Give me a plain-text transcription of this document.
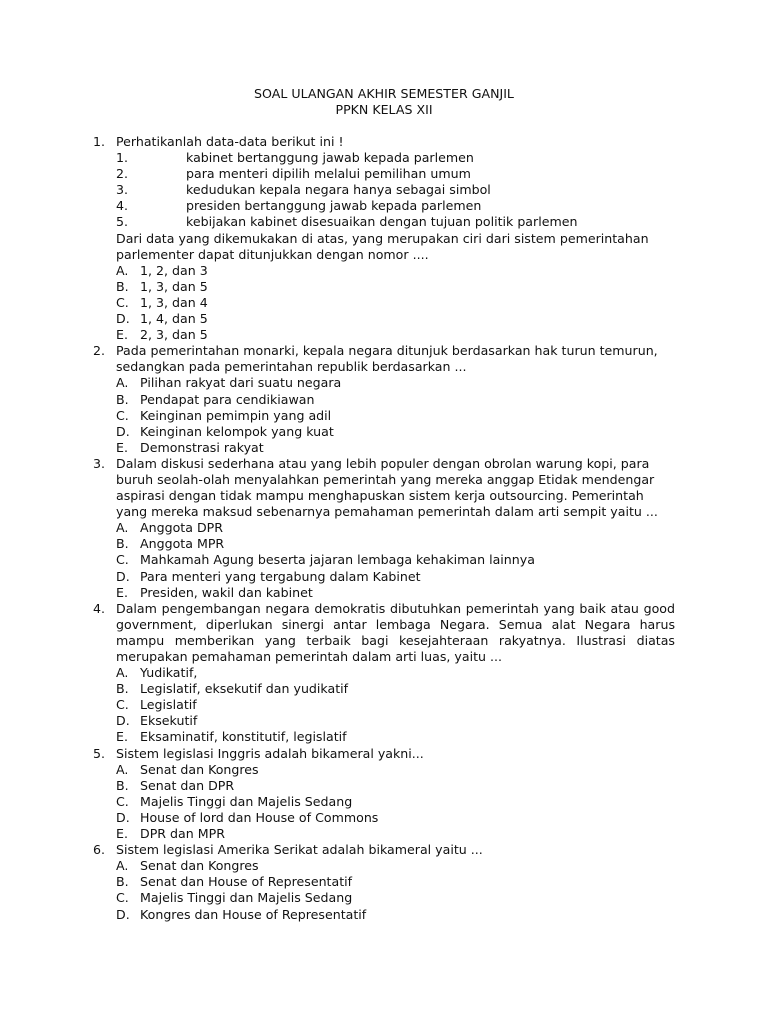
SOAL ULANGAN AKHIR SEMESTER GANJIL
PPKN KELAS XII
1. Perhatikanlah data-data berikut ini !
1.	kabinet bertanggung jawab kepada parlemen
2.	para menteri dipilih melalui pemilihan umum
3.	kedudukan kepala negara hanya sebagai simbol
4.	presiden bertanggung jawab kepada parlemen
5.	kebijakan kabinet disesuaikan dengan tujuan politik parlemen
Dari data yang dikemukakan di atas, yang merupakan ciri dari sistem pemerintahan parlementer dapat ditunjukkan dengan nomor ....
A. 1, 2, dan 3
B. 1, 3, dan 5
C. 1, 3, dan 4
D. 1, 4, dan 5
E. 2, 3, dan 5
2. Pada pemerintahan monarki, kepala negara ditunjuk berdasarkan hak turun temurun, sedangkan pada pemerintahan republik berdasarkan ...
A. Pilihan rakyat dari suatu negara
B. Pendapat para cendikiawan
C. Keinginan pemimpin yang adil
D. Keinginan kelompok yang kuat
E. Demonstrasi rakyat
3. Dalam diskusi sederhana atau yang lebih populer dengan obrolan warung kopi, para buruh seolah-olah menyalahkan pemerintah yang mereka anggap Etidak mendengar aspirasi dengan tidak mampu menghapuskan sistem kerja outsourcing. Pemerintah yang mereka maksud sebenarnya pemahaman pemerintah dalam arti sempit yaitu ...
A. Anggota DPR
B. Anggota MPR
C. Mahkamah Agung beserta jajaran lembaga kehakiman lainnya
D. Para menteri yang tergabung dalam Kabinet
E. Presiden, wakil dan kabinet
4. Dalam pengembangan negara demokratis dibutuhkan pemerintah yang baik atau good government, diperlukan sinergi antar lembaga Negara. Semua alat Negara harus mampu memberikan yang terbaik bagi kesejahteraan rakyatnya. Ilustrasi diatas merupakan pemahaman pemerintah dalam arti luas, yaitu ...
A. Yudikatif,
B. Legislatif, eksekutif dan yudikatif
C. Legislatif
D. Eksekutif
E. Eksaminatif, konstitutif, legislatif
5. Sistem legislasi Inggris adalah bikameral yakni...
A. Senat dan Kongres
B. Senat dan DPR
C. Majelis Tinggi dan Majelis Sedang
D. House of lord dan House of Commons
E. DPR dan MPR
6. Sistem legislasi Amerika Serikat adalah bikameral yaitu ...
A. Senat dan Kongres
B. Senat dan House of Representatif
C. Majelis Tinggi dan Majelis Sedang
D. Kongres dan House of Representatif
